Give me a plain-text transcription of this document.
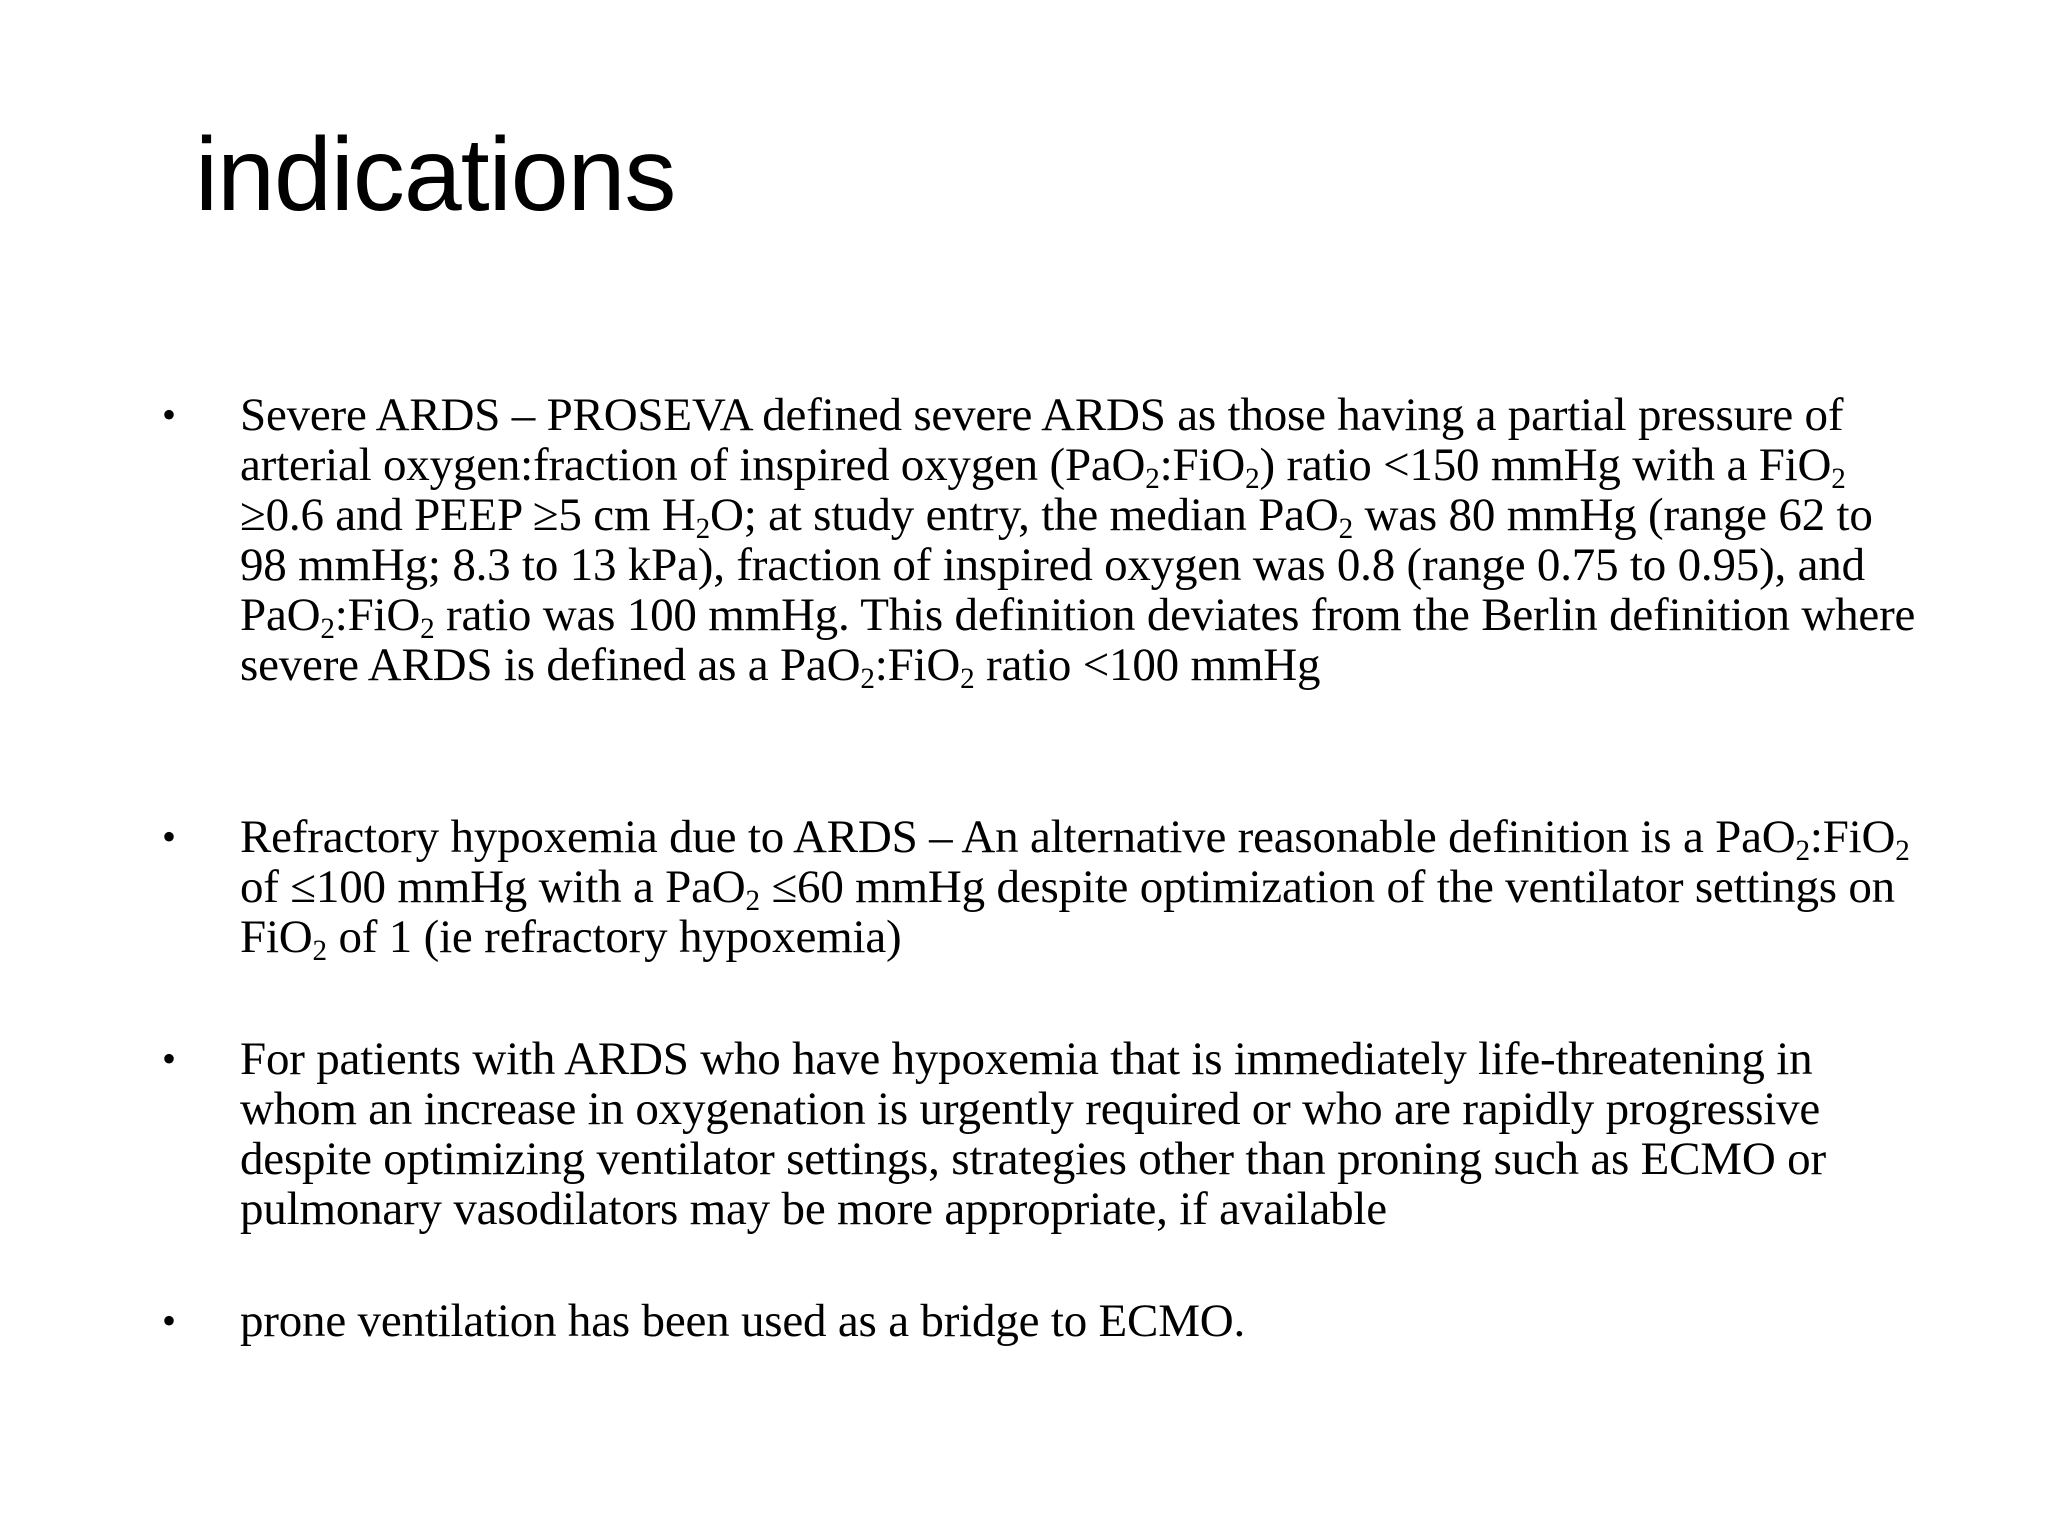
indications
•	Severe ARDS – PROSEVA defined severe ARDS as those having a partial pressure of arterial oxygen:fraction of inspired oxygen (PaO$_2$:FiO$_2$) ratio <150 mmHg with a FiO$_2$ ≥0.6 and PEEP ≥5 cm $H_2O$; at study entry, the median PaO$_2$ was 80 mmHg (range 62 to 98 mmHg; 8.3 to 13 kPa), fraction of inspired oxygen was 0.8 (range 0.75 to 0.95), and PaO$_2$:FiO$_2$ ratio was 100 mmHg. This definition deviates from the Berlin definition where severe ARDS is defined as a PaO$_2$:FiO$_2$ ratio <100 mmHg
•	Refractory hypoxemia due to ARDS – An alternative reasonable definition is a PaO$_2$:FiO$_2$ of ≤100 mmHg with a PaO$_2$ ≤60 mmHg despite optimization of the ventilator settings on FiO$_2$ of 1 (ie refractory hypoxemia)
•	For patients with ARDS who have hypoxemia that is immediately life-threatening in whom an increase in oxygenation is urgently required or who are rapidly progressive despite optimizing ventilator settings, strategies other than proning such as ECMO or pulmonary vasodilators may be more appropriate, if available
•	prone ventilation has been used as a bridge to ECMO.
